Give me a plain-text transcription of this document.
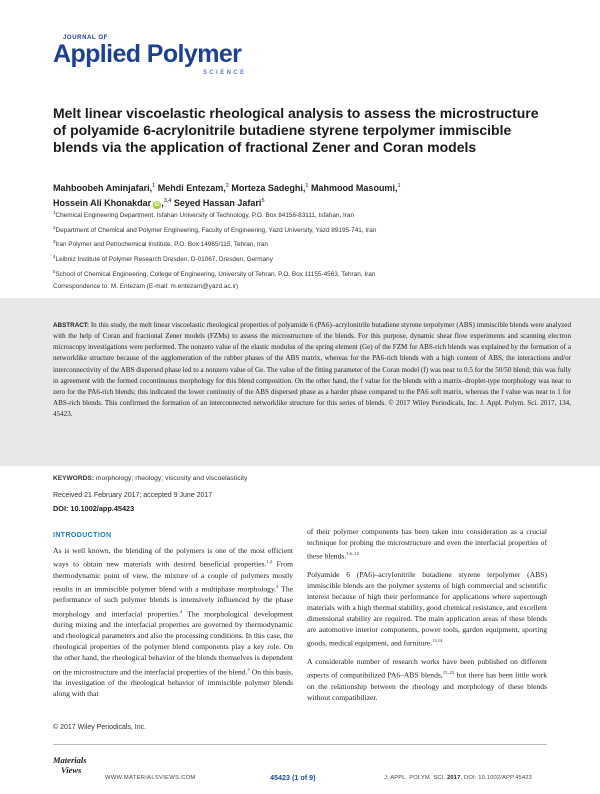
JOURNAL OF
Applied Polymer
SCIENCE
Melt linear viscoelastic rheological analysis to assess the microstructure of polyamide 6-acrylonitrile butadiene styrene terpolymer immiscible blends via the application of fractional Zener and Coran models
Mahboobeh Aminjafari,$^1$ Mehdi Entezam,$^2$ Morteza Sadeghi,$^1$ Mahmood Masoumi,$^1$
Hossein Ali Khonakdar iD ,$^{3,4}$ Seyed Hassan Jafari$^5$
$^1$Chemical Engineering Department, Isfahan University of Technology, P.O. Box 84156-83111, Isfahan, Iran
$^2$Department of Chemical and Polymer Engineering, Faculty of Engineering, Yazd University, Yazd 89195-741, Iran
$^3$Iran Polymer and Petrochemical Institute, P.O. Box 14965/115, Tehran, Iran
$^4$Leibniz Institute of Polymer Research Dresden, D-01067, Dresden, Germany
$^5$School of Chemical Engineering, College of Engineering, University of Tehran, P.O. Box 11155-4563, Tehran, Iran
Correspondence to: M. Entezam (E-mail: m.entezam@yazd.ac.ir)

ABSTRACT: In this study, the melt linear viscoelastic rheological properties of polyamide 6 (PA6)–acrylonitrile butadiene styrene terpolymer (ABS) immiscible blends were analyzed with the help of Coran and fractional Zener models (FZMs) to assess the microstructure of the blends. For this purpose, dynamic shear flow experiments and scanning electron microscopy investigations were performed. The nonzero value of the elastic modulus of the spring element (Ge) of the FZM for ABS-rich blends was explained by the formation of a networklike structure because of the agglomeration of the rubber phases of the ABS matrix, whereas for the PA6-rich blends with a high content of ABS, the interactions and/or interconnectivity of the ABS dispersed phase led to a nonzero value of Ge. The value of the fitting parameter of the Coran model (f) was near to 0.5 for the 50/50 blend; this was fully in agreement with the formed cocontinuous morphology for this blend composition. On the other hand, the f value for the blends with a matrix–droplet-type morphology was near to zero for the PA6-rich blends; this indicated the lower continuity of the ABS dispersed phase as a harder phase compared to the PA6 soft matrix, whereas the f value was near to 1 for ABS-rich blends. This confirmed the formation of an interconnected networklike structure for this series of blends. © 2017 Wiley Periodicals, Inc. J. Appl. Polym. Sci. 2017, 134, 45423.

KEYWORDS: morphology; rheology; viscosity and viscoelasticity
Received 21 February 2017; accepted 9 June 2017
DOI: 10.1002/app.45423
INTRODUCTION

As is well known, the blending of the polymers is one of the most efficient ways to obtain new materials with desired beneficial properties.$^{1,2}$ From thermodynamic point of view, the mixture of a couple of polymers mostly results in an immiscible polymer blend with a multiphase morphology.$^3$ The performance of such polymer blends is intensively influenced by the phase morphology and interfacial properties.$^4$ The morphological development during mixing and the interfacial properties are governed by thermodynamic and rheological parameters and also the processing conditions. In this case, the rheological properties of the polymer blend components play a key role. On the other hand, the rheological behavior of the blends themselves is dependent on the microstructure and the interfacial properties of the blend.$^5$ On this basis, the investigation of the rheological behavior of immiscible polymer blends along with that

of their polymer components has been taken into consideration as a crucial technique for probing the microstructure and even the interfacial properties of these blends.$^{1,6-12}$

Polyamide 6 (PA6)–acrylonitrile butadiene styrene terpolymer (ABS) immiscible blends are the polymer systems of high commercial and scientific interest because of high their performance for applications where supertough materials with a high thermal stability, good chemical resistance, and excellent dimensional stability are required. The main application areas of these blends are automotive interior components, power tools, garden equipment, sporting goods, medical equipment, and furniture.$^{13,14}$

A considerable number of research works have been published on different aspects of compatibilized PA6–ABS blends,$^{15-22}$ but there has been little work on the relationship between the rheology and morphology of these blends without compatibilizer.

© 2017 Wiley Periodicals, Inc.
Materials
Views
WWW.MATERIALSVIEWS.COM	45423 (1 of 9)	J. APPL. POLYM. SCI. 2017, DOI: 10.1002/APP.45423
